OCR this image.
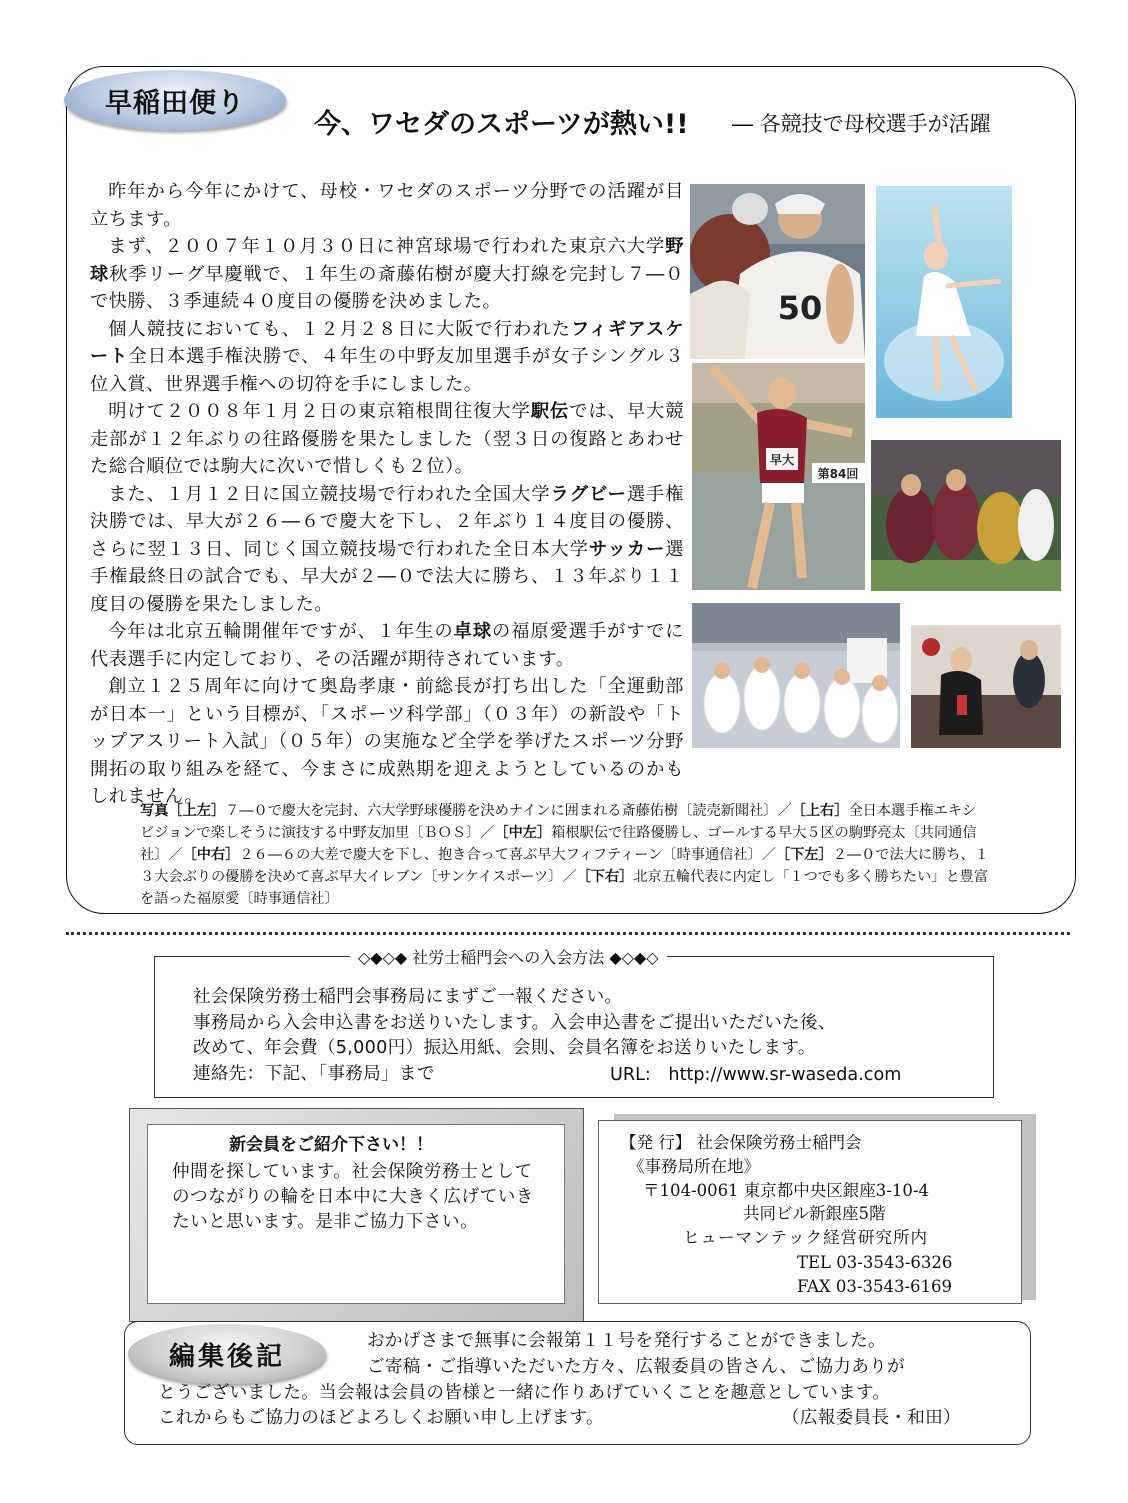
早稲田便り
今、ワセダのスポーツが熱い!! ― 各競技で母校選手が活躍

昨年から今年にかけて、母校・ワセダのスポーツ分野での活躍が目立ちます。

まず、２００７年１０月３０日に神宮球場で行われた東京六大学野球秋季リーグ早慶戦で、１年生の斎藤佑樹が慶大打線を完封し７―０で快勝、３季連続４０度目の優勝を決めました。

個人競技においても、１２月２８日に大阪で行われたフィギアスケート全日本選手権決勝で、４年生の中野友加里選手が女子シングル３位入賞、世界選手権への切符を手にしました。

明けて２００８年１月２日の東京箱根間往復大学駅伝では、早大競走部が１２年ぶりの往路優勝を果たしました（翌３日の復路とあわせた総合順位では駒大に次いで惜しくも２位）。

また、１月１２日に国立競技場で行われた全国大学ラグビー選手権決勝では、早大が２６―６で慶大を下し、２年ぶり１４度目の優勝、さらに翌１３日、同じく国立競技場で行われた全日本大学サッカー選手権最終日の試合でも、早大が２―０で法大に勝ち、１３年ぶり１１度目の優勝を果たしました。

今年は北京五輪開催年ですが、１年生の卓球の福原愛選手がすでに代表選手に内定しており、その活躍が期待されています。

創立１２５周年に向けて奥島孝康・前総長が打ち出した「全運動部が日本一」という目標が、「スポーツ科学部」（０３年）の新設や「トップアスリート入試」（０５年）の実施など全学を挙げたスポーツ分野開拓の取り組みを経て、今まさに成熟期を迎えようとしているのかもしれません。

50
第84回
早大
写真［上左］７―０で慶大を完封、六大学野球優勝を決めナインに囲まれる斎藤佑樹〔読売新聞社〕／［上右］全日本選手権エキシビジョンで楽しそうに演技する中野友加里〔ＢＯＳ〕／［中左］箱根駅伝で往路優勝し、ゴールする早大５区の駒野亮太〔共同通信社〕／［中右］２６―６の大差で慶大を下し、抱き合って喜ぶ早大フィフティーン〔時事通信社〕／［下左］２―０で法大に勝ち、１３大会ぶりの優勝を決めて喜ぶ早大イレブン〔サンケイスポーツ〕／［下右］北京五輪代表に内定し「１つでも多く勝ちたい」と豊富を語った福原愛〔時事通信社〕
◇◆◇◆ 社労士稲門会への入会方法 ◆◇◆◇
社会保険労務士稲門会事務局にまずご一報ください。
事務局から入会申込書をお送りいたします。入会申込書をご提出いただいた後、
改めて、年会費（5,000円）振込用紙、会則、会員名簿をお送りいたします。
連絡先：下記、「事務局」まで	URL:　http://www.sr-waseda.com
新会員をご紹介下さい！！
仲間を探しています。社会保険労務士としてのつながりの輪を日本中に大きく広げていきたいと思います。是非ご協力下さい。
【発 行】 社会保険労務士稲門会
《事務局所在地》
〒104-0061 東京都中央区銀座3-10-4
共同ビル新銀座5階
ヒューマンテック経営研究所内
TEL 03-3543-6326
FAX 03-3543-6169
編集後記
おかげさまで無事に会報第１１号を発行することができました。
ご寄稿・ご指導いただいた方々、広報委員の皆さん、ご協力ありが
とうございました。当会報は会員の皆様と一緒に作りあげていくことを趣意としています。
これからもご協力のほどよろしくお願い申し上げます。	（広報委員長・和田）
